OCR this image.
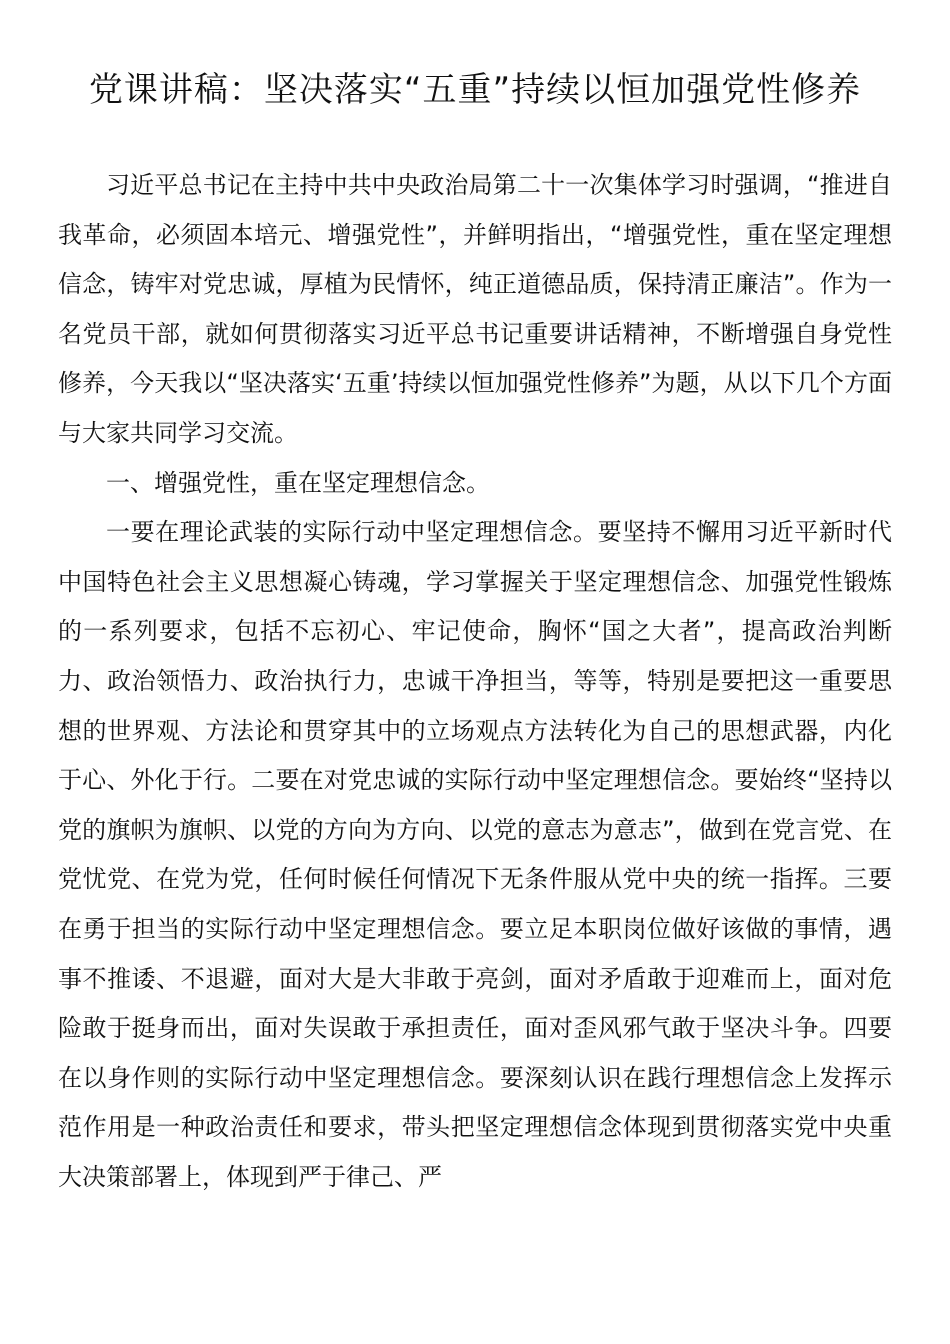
党课讲稿：坚决落实“五重”持续以恒加强党性修养

习近平总书记在主持中共中央政治局第二十一次集体学习时强调，“推进自我革命，必须固本培元、增强党性”，并鲜明指出，“增强党性，重在坚定理想信念，铸牢对党忠诚，厚植为民情怀，纯正道德品质，保持清正廉洁”。作为一名党员干部，就如何贯彻落实习近平总书记重要讲话精神，不断增强自身党性修养，今天我以“坚决落实‘五重’持续以恒加强党性修养”为题，从以下几个方面与大家共同学习交流。

一、增强党性，重在坚定理想信念。

一要在理论武装的实际行动中坚定理想信念。要坚持不懈用习近平新时代中国特色社会主义思想凝心铸魂，学习掌握关于坚定理想信念、加强党性锻炼的一系列要求，包括不忘初心、牢记使命，胸怀“国之大者”，提高政治判断力、政治领悟力、政治执行力，忠诚干净担当，等等，特别是要把这一重要思想的世界观、方法论和贯穿其中的立场观点方法转化为自己的思想武器，内化于心、外化于行。二要在对党忠诚的实际行动中坚定理想信念。要始终“坚持以党的旗帜为旗帜、以党的方向为方向、以党的意志为意志”，做到在党言党、在党忧党、在党为党，任何时候任何情况下无条件服从党中央的统一指挥。三要在勇于担当的实际行动中坚定理想信念。要立足本职岗位做好该做的事情，遇事不推诿、不退避，面对大是大非敢于亮剑，面对矛盾敢于迎难而上，面对危险敢于挺身而出，面对失误敢于承担责任，面对歪风邪气敢于坚决斗争。四要在以身作则的实际行动中坚定理想信念。要深刻认识在践行理想信念上发挥示范作用是一种政治责任和要求，带头把坚定理想信念体现到贯彻落实党中央重大决策部署上，体现到严于律己、严
